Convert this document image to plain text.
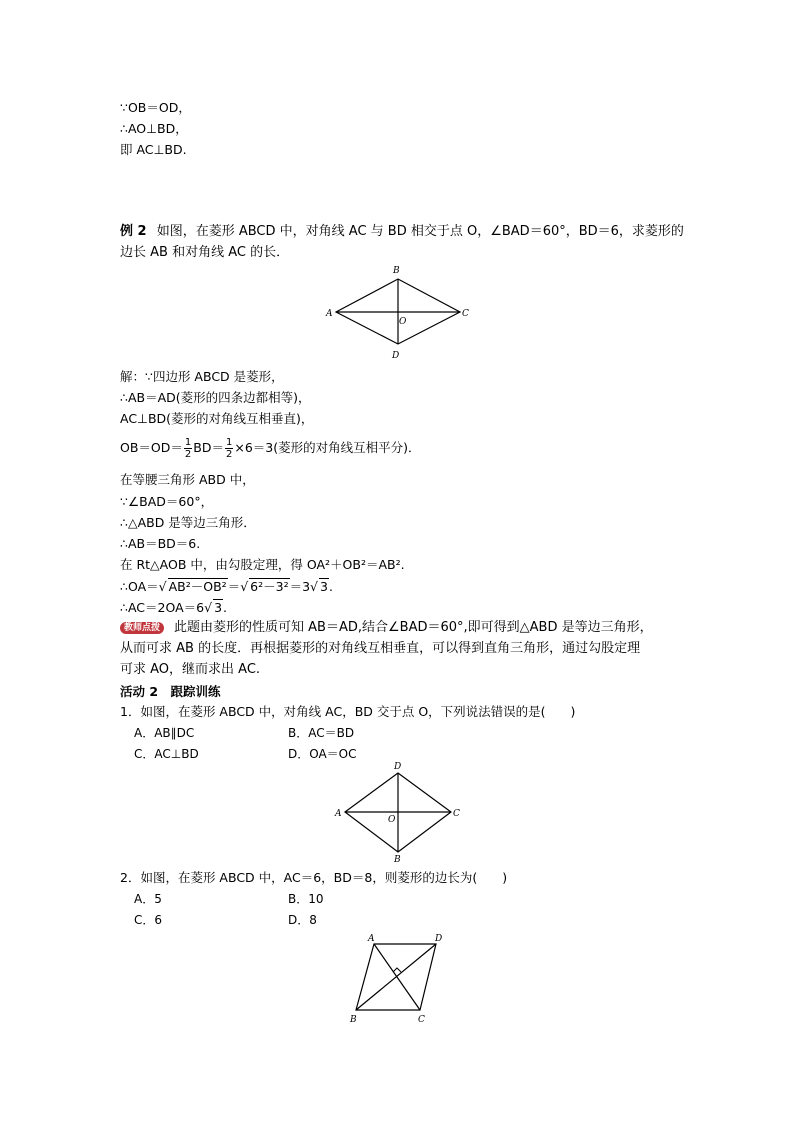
∵OB＝OD，
∴AO⊥BD，
即 AC⊥BD.
例 2 如图，在菱形 ABCD 中，对角线 AC 与 BD 相交于点 O，∠BAD＝60°，BD＝6，求菱形的
边长 AB 和对角线 AC 的长．
B
A	C
O
D
解：∵四边形 ABCD 是菱形，
∴AB＝AD(菱形的四条边都相等)，
AC⊥BD(菱形的对角线互相垂直)，
$OB=OD= \frac{1}{2} BD= \frac{1}{2} \times 6=3$(菱形的对角线互相平分)．
在等腰三角形 ABD 中，
∵∠BAD＝60°，
∴△ABD 是等边三角形．
∴AB＝BD＝6.
在 Rt△AOB 中，由勾股定理，得 OA²＋OB²＝AB².
∴OA＝√ AB²－OB²＝√ 6²－3²＝3√ 3.
∴AC＝2OA＝6√ 3.
教师点拨 此题由菱形的性质可知 AB＝AD,结合∠BAD＝60°,即可得到△ABD 是等边三角形，
从而可求 AB 的长度．再根据菱形的对角线互相垂直，可以得到直角三角形，通过勾股定理
可求 AO，继而求出 AC.
活动 2　跟踪训练
1．如图，在菱形 ABCD 中，对角线 AC，BD 交于点 O，下列说法错误的是(　　)
A．AB∥DC	B．AC＝BD
C．AC⊥BD	D．OA＝OC
D
A	C
O
B
2．如图，在菱形 ABCD 中，AC＝6，BD＝8，则菱形的边长为(　　)
A．5	B．10
C．6	D．8
A	D
B	C
